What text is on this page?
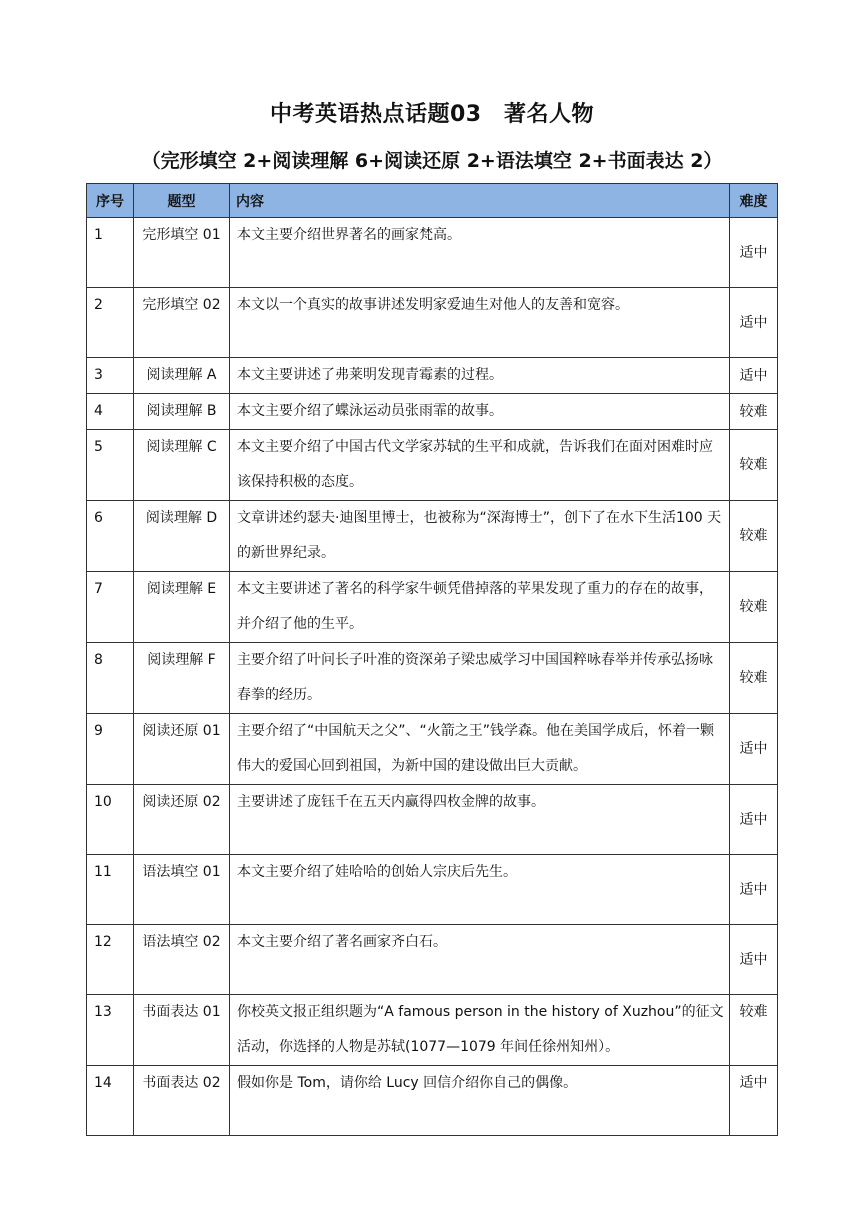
中考英语热点话题03　著名人物
（完形填空 2+阅读理解 6+阅读还原 2+语法填空 2+书面表达 2）
序号	题型	内容	难度
1	完形填空 01	本文主要介绍世界著名的画家梵高。	适中
2	完形填空 02	本文以一个真实的故事讲述发明家爱迪生对他人的友善和宽容。	适中
3	阅读理解 A	本文主要讲述了弗莱明发现青霉素的过程。	适中
4	阅读理解 B	本文主要介绍了蝶泳运动员张雨霏的故事。	较难
5	阅读理解 C	本文主要介绍了中国古代文学家苏轼的生平和成就，告诉我们在面对困难时应该保持积极的态度。	较难
6	阅读理解 D	文章讲述约瑟夫·迪图里博士，也被称为“深海博士”，创下了在水下生活100 天的新世界纪录。	较难
7	阅读理解 E	本文主要讲述了著名的科学家牛顿凭借掉落的苹果发现了重力的存在的故事，并介绍了他的生平。	较难
8	阅读理解 F	主要介绍了叶问长子叶准的资深弟子梁忠威学习中国国粹咏春举并传承弘扬咏春拳的经历。	较难
9	阅读还原 01	主要介绍了“中国航天之父”、“火箭之王”钱学森。他在美国学成后，怀着一颗伟大的爱国心回到祖国，为新中国的建设做出巨大贡献。	适中
10	阅读还原 02	主要讲述了庞钰千在五天内赢得四枚金牌的故事。	适中
11	语法填空 01	本文主要介绍了娃哈哈的创始人宗庆后先生。	适中
12	语法填空 02	本文主要介绍了著名画家齐白石。	适中
13	书面表达 01	你校英文报正组织题为“A famous person in the history of Xuzhou”的征文活动，你选择的人物是苏轼(1077—1079 年间任徐州知州）。	较难
14	书面表达 02	假如你是 Tom，请你给 Lucy 回信介绍你自己的偶像。	适中
